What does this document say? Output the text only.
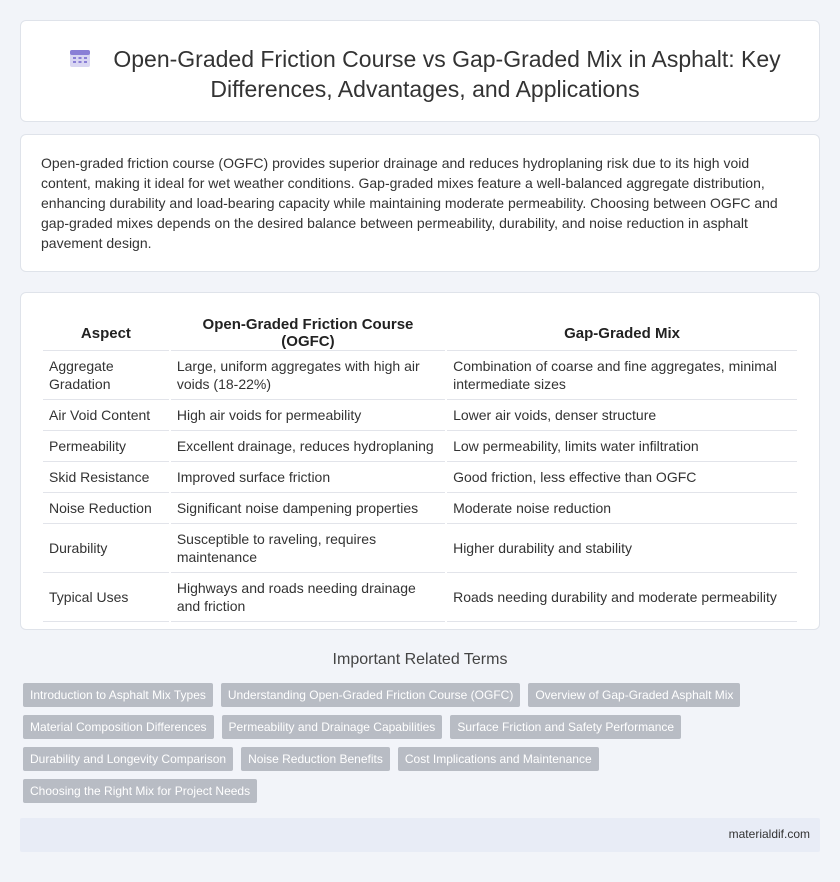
Open-Graded Friction Course vs Gap-Graded Mix in Asphalt: Key Differences, Advantages, and Applications

Open-graded friction course (OGFC) provides superior drainage and reduces hydroplaning risk due to its high void content, making it ideal for wet weather conditions. Gap-graded mixes feature a well-balanced aggregate distribution, enhancing durability and load-bearing capacity while maintaining moderate permeability. Choosing between OGFC and gap-graded mixes depends on the desired balance between permeability, durability, and noise reduction in asphalt pavement design.

Aspect	Open-Graded Friction Course (OGFC)	Gap-Graded Mix
Aggregate Gradation	Large, uniform aggregates with high air voids (18-22%)	Combination of coarse and fine aggregates, minimal intermediate sizes
Air Void Content	High air voids for permeability	Lower air voids, denser structure
Permeability	Excellent drainage, reduces hydroplaning	Low permeability, limits water infiltration
Skid Resistance	Improved surface friction	Good friction, less effective than OGFC
Noise Reduction	Significant noise dampening properties	Moderate noise reduction
Durability	Susceptible to raveling, requires maintenance	Higher durability and stability
Typical Uses	Highways and roads needing drainage and friction	Roads needing durability and moderate permeability
Important Related Terms
Introduction to Asphalt Mix Types	Understanding Open-Graded Friction Course (OGFC)	Overview of Gap-Graded Asphalt Mix
Material Composition Differences	Permeability and Drainage Capabilities	Surface Friction and Safety Performance
Durability and Longevity Comparison	Noise Reduction Benefits	Cost Implications and Maintenance
Choosing the Right Mix for Project Needs
materialdif.com
